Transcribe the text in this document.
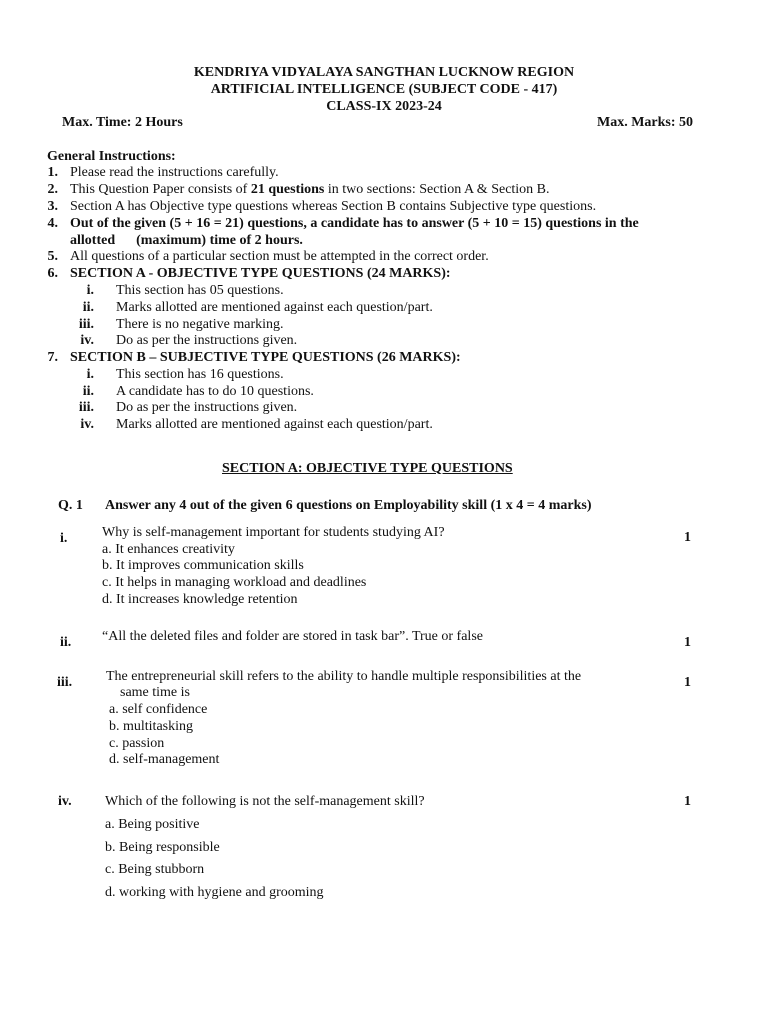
KENDRIYA VIDYALAYA SANGTHAN LUCKNOW REGION
ARTIFICIAL INTELLIGENCE (SUBJECT CODE - 417)
CLASS-IX 2023-24
Max. Time: 2 Hours	Max. Marks: 50
General Instructions:
1. Please read the instructions carefully.
2. This Question Paper consists of 21 questions in two sections: Section A & Section B.
3. Section A has Objective type questions whereas Section B contains Subjective type questions.
4. Out of the given (5 + 16 = 21) questions, a candidate has to answer (5 + 10 = 15) questions in the
allotted      (maximum) time of 2 hours.
5. All questions of a particular section must be attempted in the correct order.
6. SECTION A - OBJECTIVE TYPE QUESTIONS (24 MARKS):
i. This section has 05 questions.
ii. Marks allotted are mentioned against each question/part.
iii. There is no negative marking.
iv. Do as per the instructions given.
7. SECTION B – SUBJECTIVE TYPE QUESTIONS (26 MARKS):
i. This section has 16 questions.
ii. A candidate has to do 10 questions.
iii. Do as per the instructions given.
iv. Marks allotted are mentioned against each question/part.
SECTION A: OBJECTIVE TYPE QUESTIONS
Q. 1 Answer any 4 out of the given 6 questions on Employability skill (1 x 4 = 4 marks)
i. Why is self-management important for students studying AI?	1
a. It enhances creativity
b. It improves communication skills
c. It helps in managing workload and deadlines
d. It increases knowledge retention
ii. “All the deleted files and folder are stored in task bar”. True or false	1
iii. The entrepreneurial skill refers to the ability to handle multiple responsibilities at the
same time is
1
a. self confidence
b. multitasking
c. passion
d. self-management
iv. Which of the following is not the self-management skill?	1
a. Being positive
b. Being responsible
c. Being stubborn
d. working with hygiene and grooming
